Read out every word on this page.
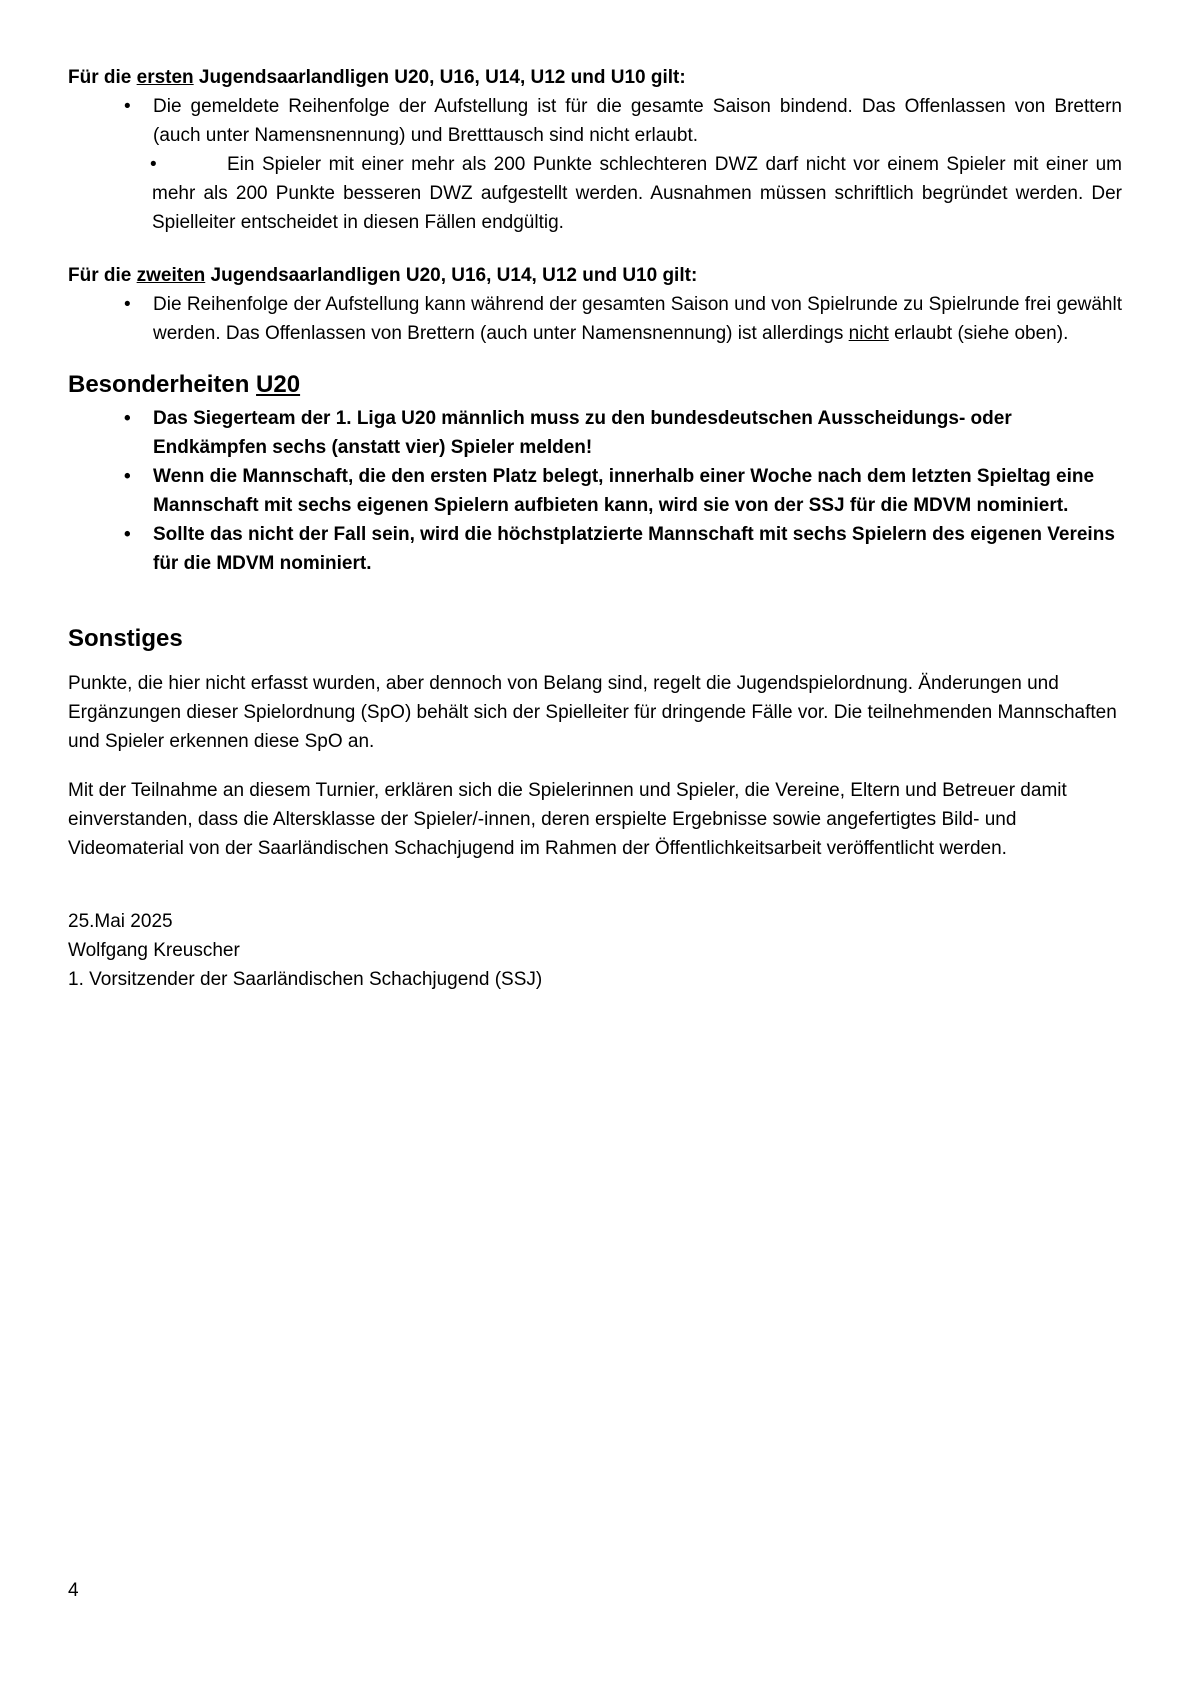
Für die ersten Jugendsaarlandligen U20, U16, U14, U12 und U10 gilt:

• Die gemeldete Reihenfolge der Aufstellung ist für die gesamte Saison bindend. Das Offenlassen von Brettern (auch unter Namensnennung) und Bretttausch sind nicht erlaubt.
•	Ein Spieler mit einer mehr als 200 Punkte schlechteren DWZ darf nicht vor einem Spieler mit einer um mehr als 200 Punkte besseren DWZ aufgestellt werden. Ausnahmen müssen schriftlich begründet werden. Der Spielleiter entscheidet in diesen Fällen endgültig.

Für die zweiten Jugendsaarlandligen U20, U16, U14, U12 und U10 gilt:

• Die Reihenfolge der Aufstellung kann während der gesamten Saison und von Spielrunde zu Spielrunde frei gewählt werden. Das Offenlassen von Brettern (auch unter Namensnennung) ist allerdings nicht erlaubt (siehe oben).

Besonderheiten U20

• Das Siegerteam der 1. Liga U20 männlich muss zu den bundesdeutschen Ausscheidungs- oder Endkämpfen sechs (anstatt vier) Spieler melden!
• Wenn die Mannschaft, die den ersten Platz belegt, innerhalb einer Woche nach dem letzten Spieltag eine Mannschaft mit sechs eigenen Spielern aufbieten kann, wird sie von der SSJ für die MDVM nominiert.
• Sollte das nicht der Fall sein, wird die höchstplatzierte Mannschaft mit sechs Spielern des eigenen Vereins für die MDVM nominiert.

Sonstiges

Punkte, die hier nicht erfasst wurden, aber dennoch von Belang sind, regelt die Jugendspielordnung. Änderungen und Ergänzungen dieser Spielordnung (SpO) behält sich der Spielleiter für dringende Fälle vor. Die teilnehmenden Mannschaften und Spieler erkennen diese SpO an.

Mit der Teilnahme an diesem Turnier, erklären sich die Spielerinnen und Spieler, die Vereine, Eltern und Betreuer damit einverstanden, dass die Altersklasse der Spieler/-innen, deren erspielte Ergebnisse sowie angefertigtes Bild- und Videomaterial von der Saarländischen Schachjugend im Rahmen der Öffentlichkeitsarbeit veröffentlicht werden.

25.Mai 2025

Wolfgang Kreuscher

1. Vorsitzender der Saarländischen Schachjugend (SSJ)

4
